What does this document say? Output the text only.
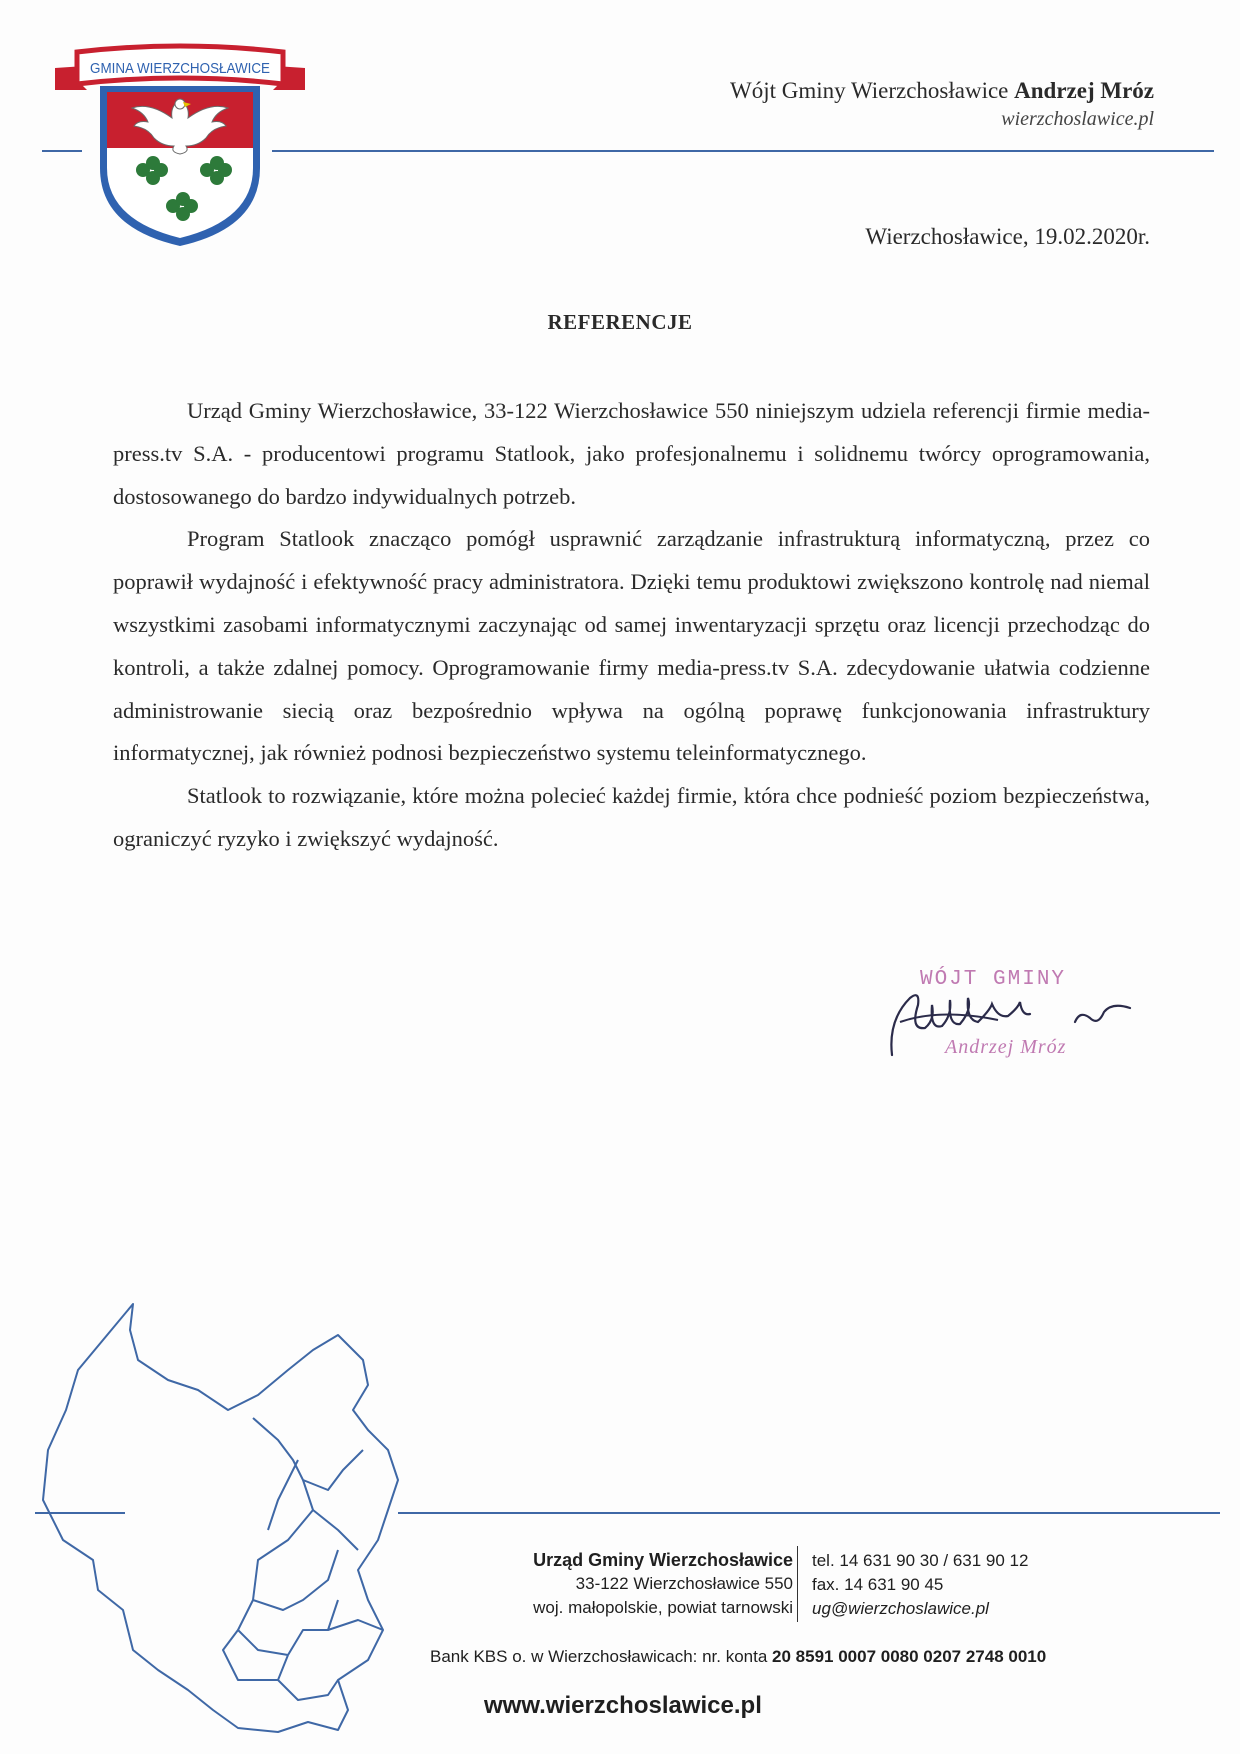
GMINA WIERZCHOSŁAWICE
Wójt Gminy Wierzchosławice Andrzej Mróz
wierzchoslawice.pl
Wierzchosławice, 19.02.2020r.
REFERENCJE

Urząd Gminy Wierzchosławice, 33-122 Wierzchosławice 550 niniejszym udziela referencji firmie media-press.tv S.A. - producentowi programu Statlook, jako profesjonalnemu i solidnemu twórcy oprogramowania, dostosowanego do bardzo indywidualnych potrzeb.

Program Statlook znacząco pomógł usprawnić zarządzanie infrastrukturą informatyczną, przez co poprawił wydajność i efektywność pracy administratora. Dzięki temu produktowi zwiększono kontrolę nad niemal wszystkimi zasobami informatycznymi zaczynając od samej inwentaryzacji sprzętu oraz licencji przechodząc do kontroli, a także zdalnej pomocy. Oprogramowanie firmy media-press.tv S.A. zdecydowanie ułatwia codzienne administrowanie siecią oraz bezpośrednio wpływa na ogólną poprawę funkcjonowania infrastruktury informatycznej, jak również podnosi bezpieczeństwo systemu teleinformatycznego.

Statlook to rozwiązanie, które można polecieć każdej firmie, która chce podnieść poziom bezpieczeństwa, ograniczyć ryzyko i zwiększyć wydajność.

WÓJT GMINY
Andrzej Mróz
Urząd Gminy Wierzchosławice
33-122 Wierzchosławice 550
woj. małopolskie, powiat tarnowski
tel. 14 631 90 30 / 631 90 12
fax. 14 631 90 45
ug@wierzchoslawice.pl
Bank KBS o. w Wierzchosławicach: nr. konta 20 8591 0007 0080 0207 2748 0010
www.wierzchoslawice.pl
